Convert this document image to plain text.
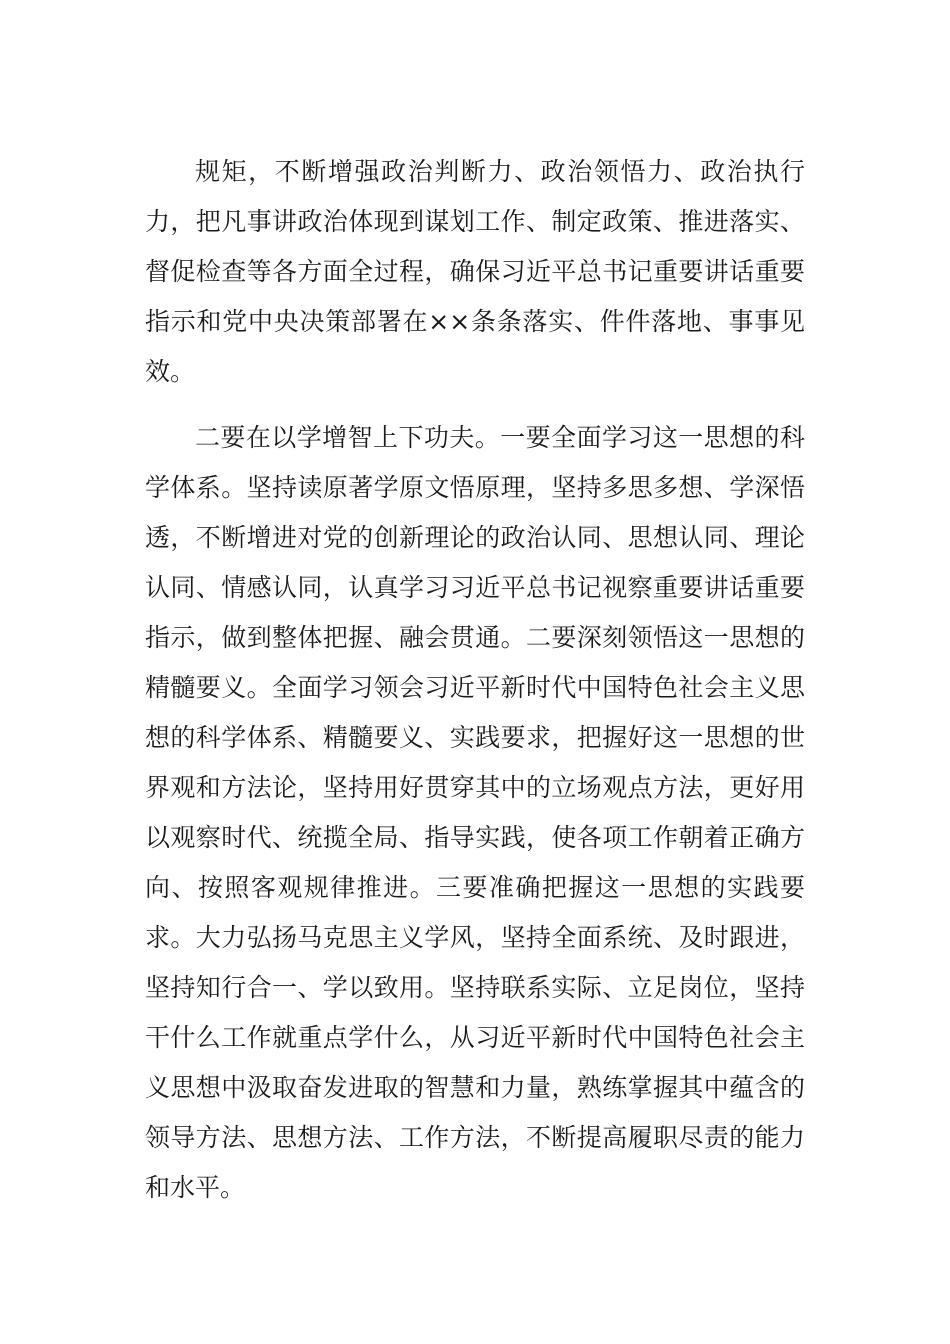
规矩，不断增强政治判断力、政治领悟力、政治执行力，把凡事讲政治体现到谋划工作、制定政策、推进落实、督促检查等各方面全过程，确保习近平总书记重要讲话重要指示和党中央决策部署在××条条落实、件件落地、事事见效。

二要在以学增智上下功夫。一要全面学习这一思想的科学体系。坚持读原著学原文悟原理，坚持多思多想、学深悟透，不断增进对党的创新理论的政治认同、思想认同、理论认同、情感认同，认真学习习近平总书记视察重要讲话重要指示，做到整体把握、融会贯通。二要深刻领悟这一思想的精髓要义。全面学习领会习近平新时代中国特色社会主义思想的科学体系、精髓要义、实践要求，把握好这一思想的世界观和方法论，坚持用好贯穿其中的立场观点方法，更好用以观察时代、统揽全局、指导实践，使各项工作朝着正确方向、按照客观规律推进。三要准确把握这一思想的实践要求。大力弘扬马克思主义学风，坚持全面系统、及时跟进，坚持知行合一、学以致用。坚持联系实际、立足岗位，坚持干什么工作就重点学什么，从习近平新时代中国特色社会主义思想中汲取奋发进取的智慧和力量，熟练掌握其中蕴含的领导方法、思想方法、工作方法，不断提高履职尽责的能力和水平。
